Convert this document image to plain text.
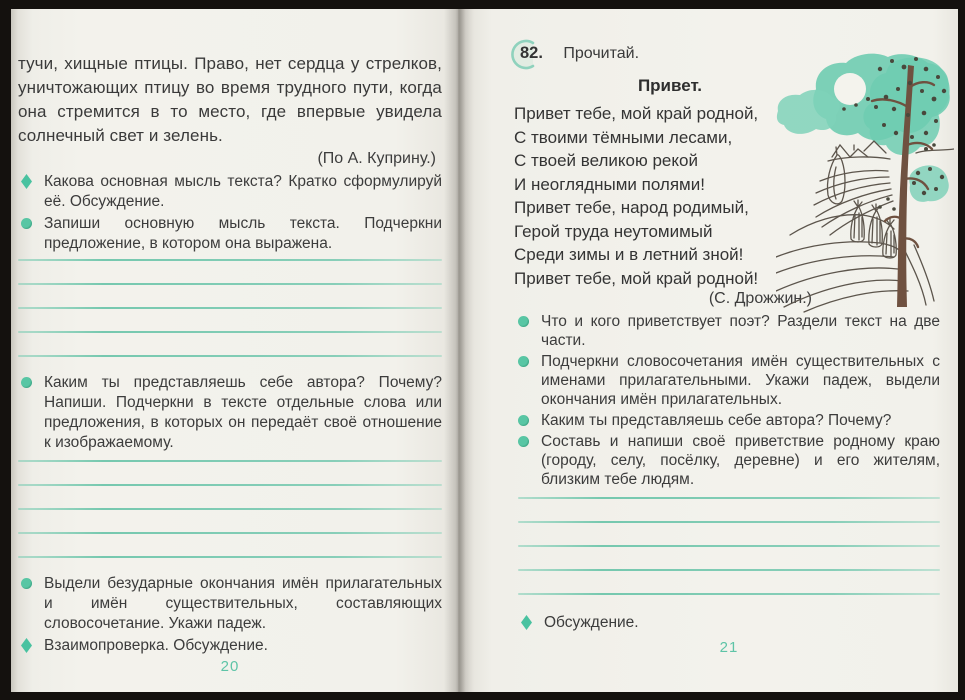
тучи, хищные птицы. Право, нет сердца у стрелков, уничтожающих птицу во время трудного пути, когда она стремится в то место, где впервые увидела солнечный свет и зелень.

(По А. Куприну.)
Какова основная мысль текста? Кратко сформулируй её. Обсуждение.
Запиши основную мысль текста. Подчеркни предложение, в котором она выражена.
Каким ты представляешь себе автора? Почему? Напиши. Подчеркни в тексте отдельные слова или предложения, в которых он передаёт своё отношение к изображаемому.
Выдели безударные окончания имён прилагательных и имён существительных, составляющих словосочетание. Укажи падеж.
Взаимопроверка. Обсуждение.
20
82. Прочитай.
Привет.
Привет тебе, мой край родной,
С твоими тёмными лесами,
С твоей великою рекой
И неоглядными полями!
Привет тебе, народ родимый,
Герой труда неутомимый
Среди зимы и в летний зной!
Привет тебе, мой край родной!
(С. Дрожжин.)
Что и кого приветствует поэт? Раздели текст на две части.
Подчеркни словосочетания имён существительных с именами прилагательными. Укажи падеж, выдели окончания имён прилагательных.
Каким ты представляешь себе автора? Почему?
Составь и напиши своё приветствие родному краю (городу, селу, посёлку, деревне) и его жителям, близким тебе людям.
Обсуждение.
21
